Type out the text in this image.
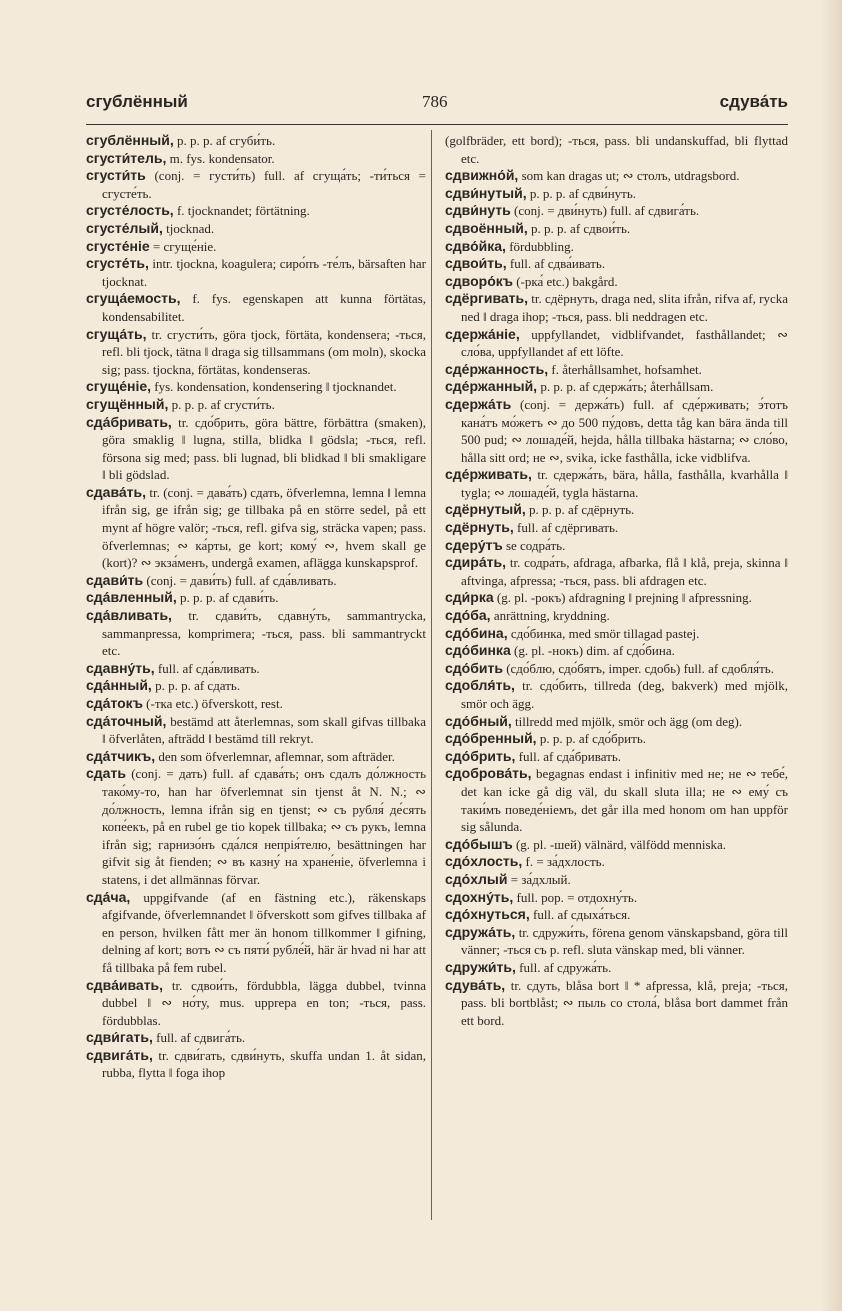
сгублённый	786	сдува́ть

сгублённый, p. p. p. af сгуби́ть.

сгусти́тель, m. fys. kondensator.

сгусти́ть (conj. = густи́ть) full. af сгуща́ть; -ти́ться = сгусте́ть.

сгусте́лость, f. tjocknandet; förtätning.

сгусте́лый, tjocknad.

сгусте́ніе = сгуще́ніе.

сгусте́ть, intr. tjockna, koagulera; сиро́пъ -те́лъ, bärsaften har tjocknat.

сгуща́емость, f. fys. egenskapen att kunna förtätas, kondensabilitet.

сгуща́ть, tr. сгусти́ть, göra tjock, förtäta, kondensera; -ться, refl. bli tjock, tätna ‖ draga sig tillsammans (om moln), skocka sig; pass. tjockna, förtätas, kondenseras.

сгуще́ніе, fys. kondensation, kondensering ‖ tjocknandet.

сгущённый, p. p. p. af сгусти́ть.

сда́бривать, tr. сдо́брить, göra bättre, förbättra (smaken), göra smaklig ‖ lugna, stilla, blidka ‖ gödsla; -ться, refl. försona sig med; pass. bli lugnad, bli blidkad ‖ bli smakligare ‖ bli gödslad.

сдава́ть, tr. (conj. = дава́ть) сдать, öfverlemna, lemna ‖ lemna ifrån sig, ge ifrån sig; ge tillbaka på en större sedel, på ett mynt af högre valör; -ться, refl. gifva sig, sträcka vapen; pass. öfverlemnas; ∾ ка́рты, ge kort; кому́ ∾, hvem skall ge (kort)? ∾ экза́менъ, undergå examen, aflägga kunskapsprof.

сдави́ть (conj. = дави́ть) full. af сда́вливать.

сда́вленный, p. p. p. af сдави́ть.

сда́вливать, tr. сдави́ть, сдавну́ть, sammantrycka, sammanpressa, komprimera; -ться, pass. bli sammantryckt etc.

сдавну́ть, full. af сда́вливать.

сда́нный, p. p. p. af сдать.

сда́токъ (-тка etc.) öfverskott, rest.

сда́точный, bestämd att återlemnas, som skall gifvas tillbaka ‖ öfverlåten, afträdd ‖ bestämd till rekryt.

сда́тчикъ, den som öfverlemnar, aflemnar, som afträder.

сдать (conj. = дать) full. af сдава́ть; онъ сдалъ до́лжность тако́му-то, han har öfverlemnat sin tjenst åt N. N.; ∾ до́лжность, lemna ifrån sig en tjenst; ∾ съ рубля́ де́сять копе́екъ, på en rubel ge tio kopek tillbaka; ∾ съ рукъ, lemna ifrån sig; гарнизо́нъ сда́лся непрія́телю, besättningen har gifvit sig åt fienden; ∾ въ казну́ на хране́ніе, öfverlemna i statens, i det allmännas förvar.

сда́ча, uppgifvande (af en fästning etc.), räkenskaps afgifvande, öfverlemnandet ‖ öfverskott som gifves tillbaka af en person, hvilken fått mer än honom tillkommer ‖ gifning, delning af kort; вотъ ∾ съ пяти́ рубле́й, här är hvad ni har att få tillbaka på fem rubel.

сдва́ивать, tr. сдвои́ть, fördubbla, lägga dubbel, tvinna dubbel ‖ ∾ но́ту, mus. upprepa en ton; -ться, pass. fördubblas.

сдви́гать, full. af сдвига́ть.

сдвига́ть, tr. сдви́гать, сдви́нуть, skuffa undan 1. åt sidan, rubba, flytta ‖ foga ihop

(golfbräder, ett bord); -ться, pass. bli undanskuffad, bli flyttad etc.

сдвижно́й, som kan dragas ut; ∾ столъ, utdragsbord.

сдви́нутый, p. p. p. af сдви́нуть.

сдви́нуть (conj. = дви́нуть) full. af сдвига́ть.

сдвоённый, p. p. p. af сдвои́ть.

сдво́йка, fördubbling.

сдвои́ть, full. af сдва́ивать.

сдворо́къ (-рка́ etc.) bakgård.

сдёргивать, tr. сдёрнуть, draga ned, slita ifrån, rifva af, rycka ned ‖ draga ihop; -ться, pass. bli neddragen etc.

сдержа́ніе, uppfyllandet, vidblifvandet, fasthållandet; ∾ сло́ва, uppfyllandet af ett löfte.

сде́ржанность, f. återhållsamhet, hofsamhet.

сде́ржанный, p. p. p. af сдержа́ть; återhållsam.

сдержа́ть (conj. = держа́ть) full. af сде́рживать; э́тотъ кана́тъ мо́жетъ ∾ до 500 пу́довъ, detta tåg kan bära ända till 500 pud; ∾ лошаде́й, hejda, hålla tillbaka hästarna; ∾ сло́во, hålla sitt ord; не ∾, svika, icke fasthålla, icke vidblifva.

сде́рживать, tr. сдержа́ть, bära, hålla, fasthålla, kvarhålla ‖ tygla; ∾ лошаде́й, tygla hästarna.

сдёрнутый, p. p. p. af сдёрнуть.

сдёрнуть, full. af сдёргивать.

сдеру́тъ se содра́ть.

сдира́ть, tr. содра́ть, afdraga, afbarka, flå ‖ klå, preja, skinna ‖ aftvinga, afpressa; -ться, pass. bli afdragen etc.

сди́рка (g. pl. -рокъ) afdragning ‖ prejning ‖ afpressning.

сдо́ба, anrättning, kryddning.

сдо́бина, сдо́бинка, med smör tillagad pastej.

сдо́бинка (g. pl. -нокъ) dim. af сдо́бина.

сдо́бить (сдо́блю, сдо́бятъ, imper. сдобь) full. af сдобля́ть.

сдобля́ть, tr. сдо́бить, tillreda (deg, bakverk) med mjölk, smör och ägg.

сдо́бный, tillredd med mjölk, smör och ägg (om deg).

сдо́бренный, p. p. p. af сдо́брить.

сдо́брить, full. af сда́бривать.

сдоброва́ть, begagnas endast i infinitiv med не; не ∾ тебе́, det kan icke gå dig väl, du skall sluta illa; не ∾ ему́ съ таки́мъ поведе́ніемъ, det går illa med honom om han uppför sig sålunda.

сдо́бышъ (g. pl. -шей) välnärd, välfödd menniska.

сдо́хлость, f. = за́дхлость.

сдо́хлый = за́дхлый.

сдохну́ть, full. pop. = отдохну́ть.

сдо́хнуться, full. af сдыха́ться.

сдружа́ть, tr. сдружи́ть, förena genom vänskapsband, göra till vänner; -ться съ p. refl. sluta vänskap med, bli vänner.

сдружи́ть, full. af сдружа́ть.

сдува́ть, tr. сдуть, blåsa bort ‖ * afpressa, klå, preja; -ться, pass. bli bortblåst; ∾ пыль со стола́, blåsa bort dammet från ett bord.
